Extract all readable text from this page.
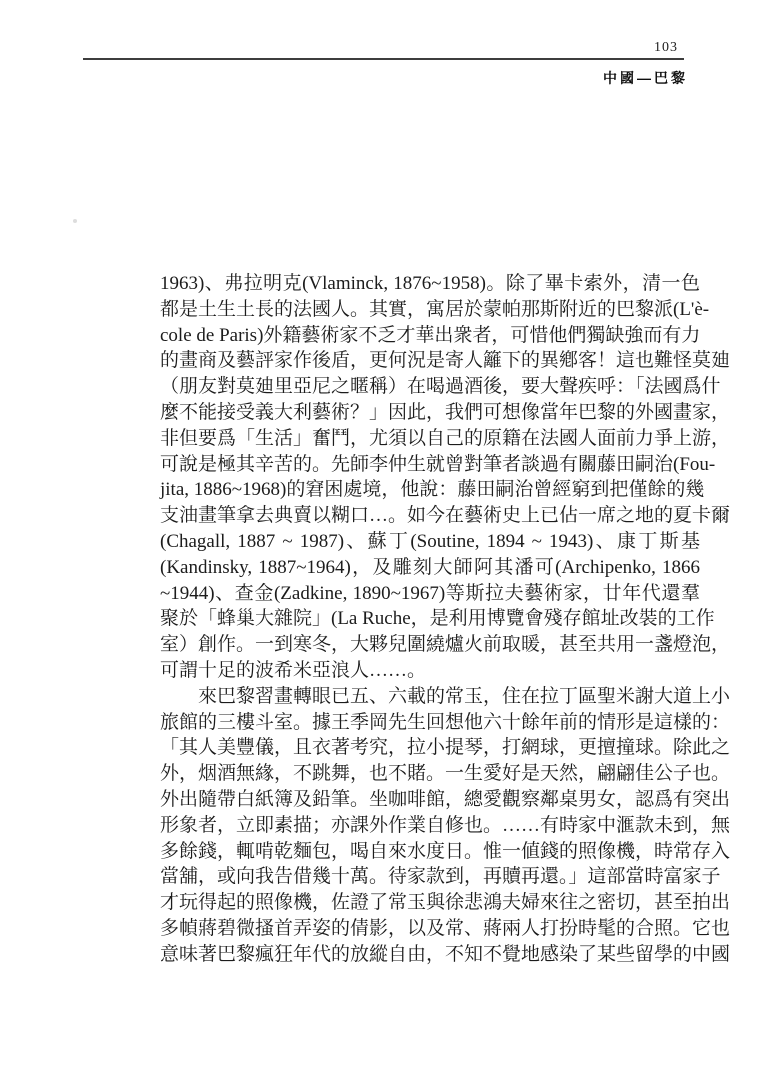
103
中國—巴黎
1963)、弗拉明克(Vlaminck, 1876~1958)。除了畢卡索外，清一色
都是土生土長的法國人。其實，寓居於蒙帕那斯附近的巴黎派(L'è-
cole de Paris)外籍藝術家不乏才華出衆者，可惜他們獨缺強而有力
的畫商及藝評家作後盾，更何況是寄人籬下的異鄕客！這也難怪莫廸
（朋友對莫廸里亞尼之暱稱）在喝過酒後，要大聲疾呼：「法國爲什
麼不能接受義大利藝術？」因此，我們可想像當年巴黎的外國畫家，
非但要爲「生活」奮鬥，尤須以自己的原籍在法國人面前力爭上游，
可說是極其辛苦的。先師李仲生就曾對筆者談過有關藤田嗣治(Fou-
jita, 1886~1968)的窘困處境，他說：藤田嗣治曾經窮到把僅餘的幾
支油畫筆拿去典賣以糊口…。如今在藝術史上已佔一席之地的夏卡爾
(Chagall, 1887 ~ 1987)、蘇丁(Soutine, 1894 ~ 1943)、康丁斯基
(Kandinsky, 1887~1964)，及雕刻大師阿其潘可(Archipenko, 1866
~1944)、查金(Zadkine, 1890~1967)等斯拉夫藝術家，廿年代還羣
聚於「蜂巢大雜院」(La Ruche，是利用博覽會殘存館址改裝的工作
室）創作。一到寒冬，大夥兒圍繞爐火前取暖，甚至共用一盞燈泡，
可謂十足的波希米亞浪人……。
　　來巴黎習畫轉眼已五、六載的常玉，住在拉丁區聖米謝大道上小
旅館的三樓斗室。據王季岡先生回想他六十餘年前的情形是這樣的：
「其人美豐儀，且衣著考究，拉小提琴，打網球，更擅撞球。除此之
外，烟酒無緣，不跳舞，也不賭。一生愛好是天然，翩翩佳公子也。
外出隨帶白紙簿及鉛筆。坐咖啡館，總愛觀察鄰桌男女，認爲有突出
形象者，立即素描；亦課外作業自修也。……有時家中滙款未到，無
多餘錢，輒啃乾麵包，喝自來水度日。惟一値錢的照像機，時常存入
當舖，或向我告借幾十萬。待家款到，再贖再還。」這部當時富家子
才玩得起的照像機，佐證了常玉與徐悲鴻夫婦來往之密切，甚至拍出
多幀蔣碧微搔首弄姿的倩影，以及常、蔣兩人打扮時髦的合照。它也
意味著巴黎瘋狂年代的放縱自由，不知不覺地感染了某些留學的中國
